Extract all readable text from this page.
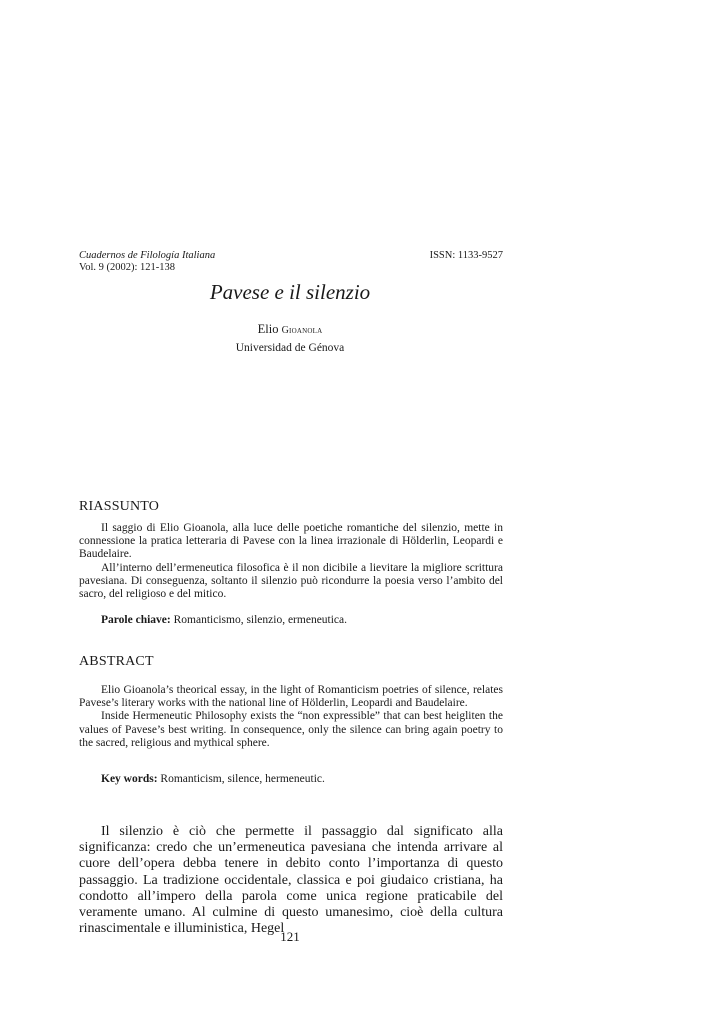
Cuadernos de Filología Italiana
Vol. 9 (2002): 121-138
ISSN: 1133-9527
Pavese e il silenzio
Elio Gioanola
Universidad de Génova
RIASSUNTO

Il saggio di Elio Gioanola, alla luce delle poetiche romantiche del silenzio, mette in connessione la pratica letteraria di Pavese con la linea irrazionale di Hölderlin, Leopardi e Baudelaire.

All’interno dell’ermeneutica filosofica è il non dicibile a lievitare la migliore scrittura pavesiana. Di conseguenza, soltanto il silenzio può ricondurre la poesia verso l’ambito del sacro, del religioso e del mitico.

Parole chiave: Romanticismo, silenzio, ermeneutica.
ABSTRACT

Elio Gioanola’s theorical essay, in the light of Romanticism poetries of silence, relates Pavese’s literary works with the national line of Hölderlin, Leopardi and Baudelaire.

Inside Hermeneutic Philosophy exists the “non expressible” that can best heigliten the values of Pavese’s best writing. In consequence, only the silence can bring again poetry to the sacred, religious and mythical sphere.

Key words: Romanticism, silence, hermeneutic.

Il silenzio è ciò che permette il passaggio dal significato alla significanza: credo che un’ermeneutica pavesiana che intenda arrivare al cuore dell’opera debba tenere in debito conto l’importanza di questo passaggio. La tradizione occidentale, classica e poi giudaico cristiana, ha condotto all’impero della parola come unica regione praticabile del veramente umano. Al culmine di questo umanesimo, cioè della cultura rinascimentale e illuministica, Hegel

121
